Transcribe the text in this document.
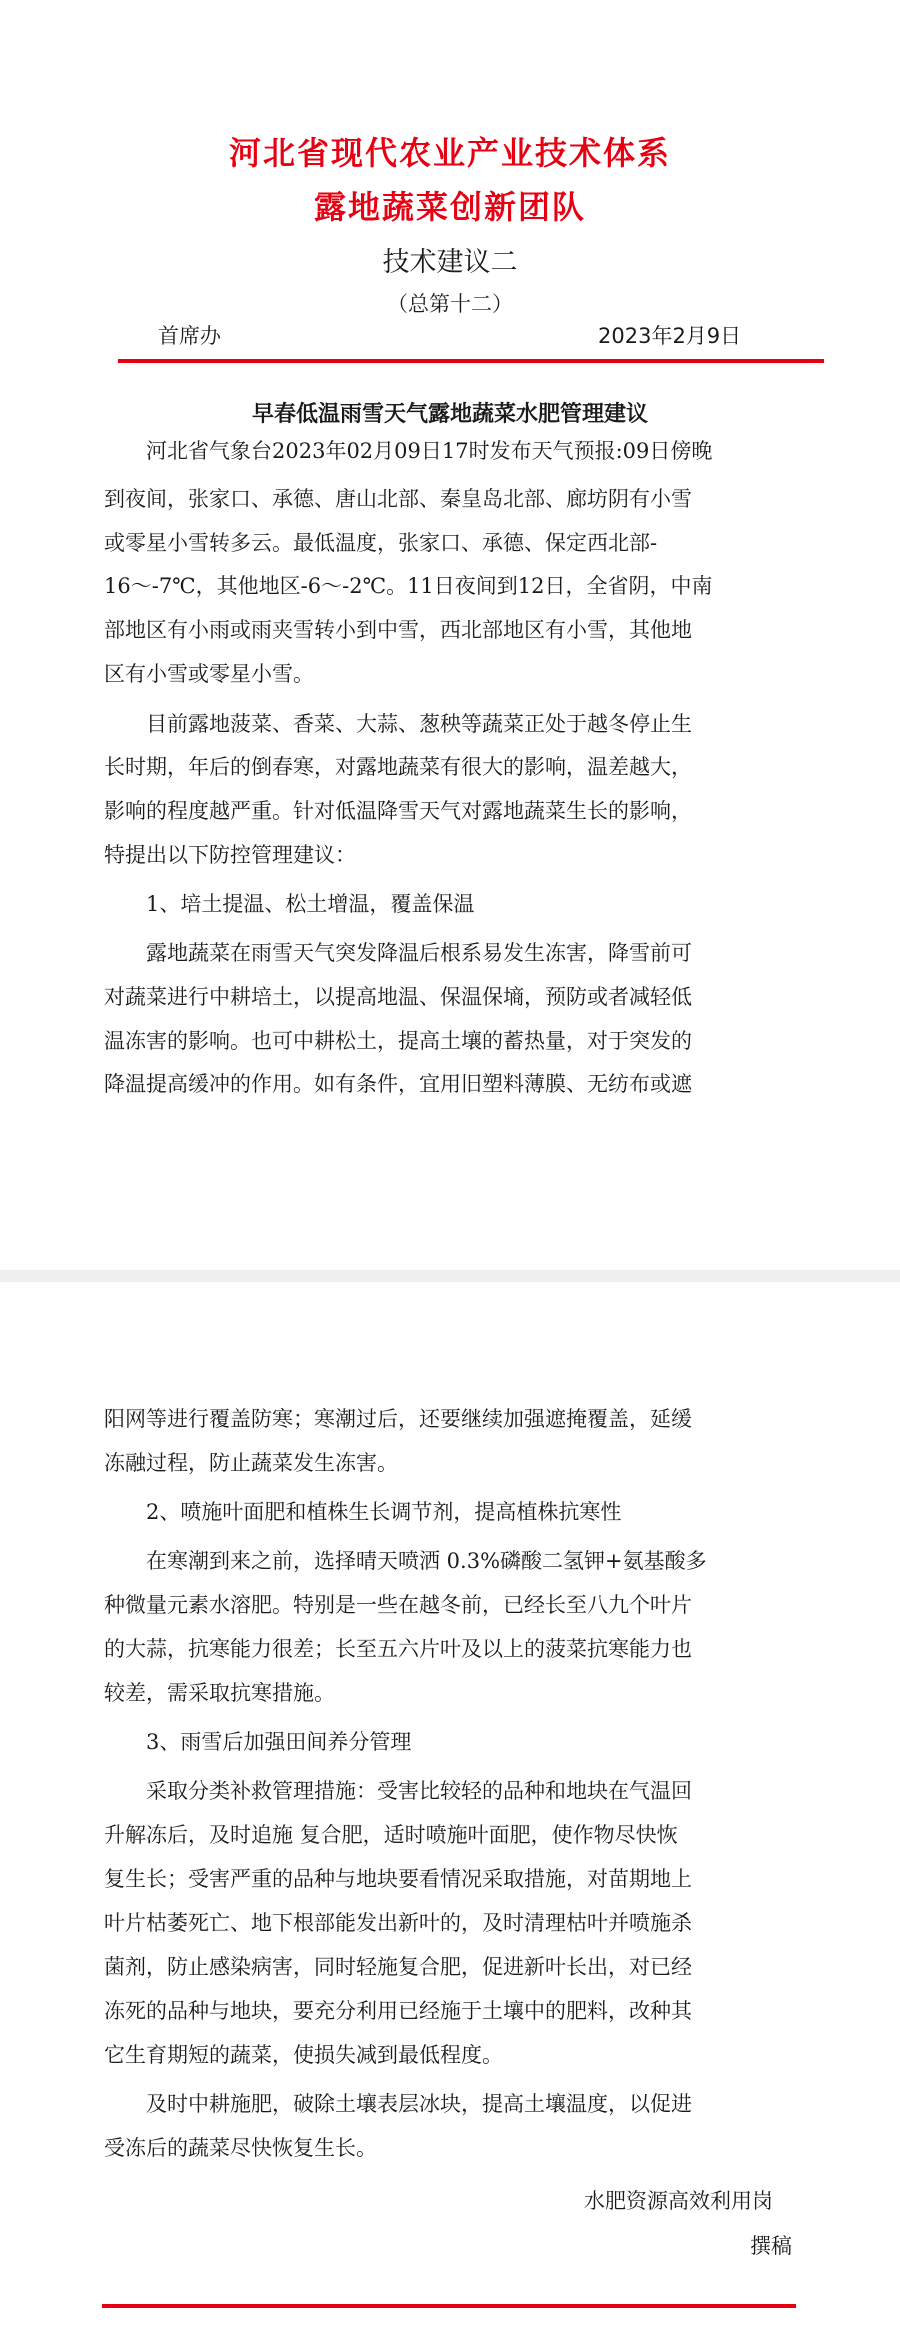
河北省现代农业产业技术体系
露地蔬菜创新团队
技术建议二
（总第十二）
首席办	2023年2月9日
早春低温雨雪天气露地蔬菜水肥管理建议

　　河北省气象台2023年02月09日17时发布天气预报:09日傍晚

到夜间，张家口、承德、唐山北部、秦皇岛北部、廊坊阴有小雪

或零星小雪转多云。最低温度，张家口、承德、保定西北部-

16～-7℃，其他地区-6～-2℃。11日夜间到12日，全省阴，中南

部地区有小雨或雨夹雪转小到中雪，西北部地区有小雪，其他地

区有小雪或零星小雪。

　　目前露地菠菜、香菜、大蒜、葱秧等蔬菜正处于越冬停止生

长时期，年后的倒春寒，对露地蔬菜有很大的影响，温差越大，

影响的程度越严重。针对低温降雪天气对露地蔬菜生长的影响，

特提出以下防控管理建议：

　　1、培土提温、松土增温，覆盖保温

　　露地蔬菜在雨雪天气突发降温后根系易发生冻害，降雪前可

对蔬菜进行中耕培土，以提高地温、保温保墒，预防或者减轻低

温冻害的影响。也可中耕松土，提高土壤的蓄热量，对于突发的

降温提高缓冲的作用。如有条件，宜用旧塑料薄膜、无纺布或遮

阳网等进行覆盖防寒；寒潮过后，还要继续加强遮掩覆盖，延缓

冻融过程，防止蔬菜发生冻害。

　　2、喷施叶面肥和植株生长调节剂，提高植株抗寒性

　　在寒潮到来之前，选择晴天喷洒 0.3%磷酸二氢钾+氨基酸多

种微量元素水溶肥。特别是一些在越冬前，已经长至八九个叶片

的大蒜，抗寒能力很差；长至五六片叶及以上的菠菜抗寒能力也

较差，需采取抗寒措施。

　　3、雨雪后加强田间养分管理

　　采取分类补救管理措施：受害比较轻的品种和地块在气温回

升解冻后，及时追施 复合肥，适时喷施叶面肥，使作物尽快恢

复生长；受害严重的品种与地块要看情况采取措施，对苗期地上

叶片枯萎死亡、地下根部能发出新叶的，及时清理枯叶并喷施杀

菌剂，防止感染病害，同时轻施复合肥，促进新叶长出，对已经

冻死的品种与地块，要充分利用已经施于土壤中的肥料，改种其

它生育期短的蔬菜，使损失减到最低程度。

　　及时中耕施肥，破除土壤表层冰块，提高土壤温度，以促进

受冻后的蔬菜尽快恢复生长。

水肥资源高效利用岗

撰稿
